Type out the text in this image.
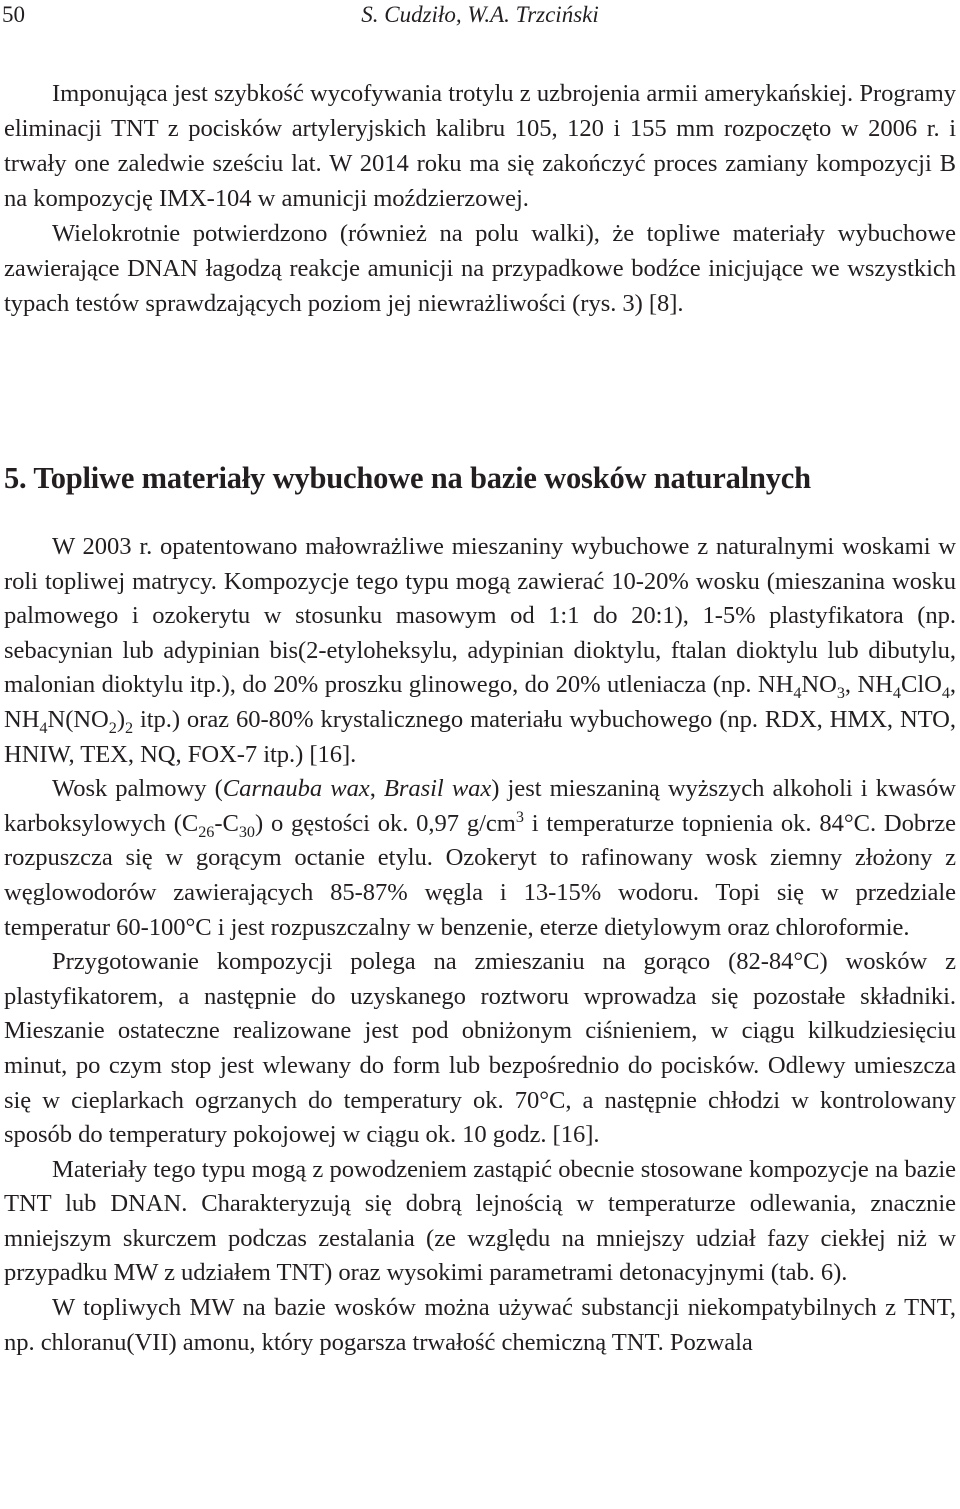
50	S. Cudziło, W.A. Trzciński

Imponująca jest szybkość wycofywania trotylu z uzbrojenia armii amerykańskiej. Programy eliminacji TNT z pocisków artyleryjskich kalibru 105, 120 i 155 mm rozpoczęto w 2006 r. i trwały one zaledwie sześciu lat. W 2014 roku ma się zakończyć proces zamiany kompozycji B na kompozycję IMX-104 w amunicji moździerzowej.

Wielokrotnie potwierdzono (również na polu walki), że topliwe materiały wybuchowe zawierające DNAN łagodzą reakcje amunicji na przypadkowe bodźce inicjujące we wszystkich typach testów sprawdzających poziom jej niewrażliwości (rys. 3) [8].

5. Topliwe materiały wybuchowe na bazie wosków naturalnych

W 2003 r. opatentowano małowrażliwe mieszaniny wybuchowe z naturalnymi woskami w roli topliwej matrycy. Kompozycje tego typu mogą zawierać 10-20% wosku (mieszanina wosku palmowego i ozokerytu w stosunku masowym od 1:1 do 20:1), 1-5% plastyfikatora (np. sebacynian lub adypinian bis(2-etyloheksylu, adypinian dioktylu, ftalan dioktylu lub dibutylu, malonian dioktylu itp.), do 20% proszku glinowego, do 20% utleniacza (np. $NH_4NO_3$, $NH_4ClO_4$, $NH_4N(NO_2)_2$ itp.) oraz 60-80% krystalicznego materiału wybuchowego (np. RDX, HMX, NTO, HNIW, TEX, NQ, FOX-7 itp.) [16].

Wosk palmowy (Carnauba wax, Brasil wax) jest mieszaniną wyższych alkoholi i kwasów karboksylowych $(C_{26}-C_{30})$ o gęstości ok. 0,97 $g/cm^3$ i temperaturze topnienia ok. 84°C. Dobrze rozpuszcza się w gorącym octanie etylu. Ozokeryt to rafinowany wosk ziemny złożony z węglowodorów zawierających 85-87% węgla i 13-15% wodoru. Topi się w przedziale temperatur 60-100°C i jest rozpuszczalny w benzenie, eterze dietylowym oraz chloroformie.

Przygotowanie kompozycji polega na zmieszaniu na gorąco (82-84°C) wosków z plastyfikatorem, a następnie do uzyskanego roztworu wprowadza się pozostałe składniki. Mieszanie ostateczne realizowane jest pod obniżonym ciśnieniem, w ciągu kilkudziesięciu minut, po czym stop jest wlewany do form lub bezpośrednio do pocisków. Odlewy umieszcza się w cieplarkach ogrzanych do temperatury ok. 70°C, a następnie chłodzi w kontrolowany sposób do temperatury pokojowej w ciągu ok. 10 godz. [16].

Materiały tego typu mogą z powodzeniem zastąpić obecnie stosowane kompozycje na bazie TNT lub DNAN. Charakteryzują się dobrą lejnością w temperaturze odlewania, znacznie mniejszym skurczem podczas zestalania (ze względu na mniejszy udział fazy ciekłej niż w przypadku MW z udziałem TNT) oraz wysokimi parametrami detonacyjnymi (tab. 6).

W topliwych MW na bazie wosków można używać substancji niekompatybilnych z TNT, np. chloranu(VII) amonu, który pogarsza trwałość chemiczną TNT. Pozwala
